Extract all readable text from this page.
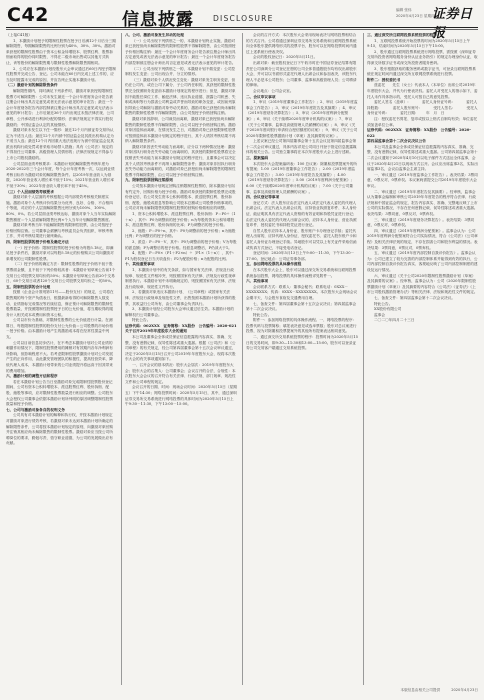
C42	信息披露	DISCLOSURE
编辑 张伟
2020年4月23日 星期四
证券日报

（上接C41版）

1、本激励计划授予的限制性股票在授予日后满12个月后分三期解除限售，每期解除限售的比例分别为40%、30%、30%。激励对象获授的限制性股票由于资本公积金转增股本、股票红利、股票拆细而取得的股份同时限售，不得在二级市场出售或以其他方式转让，该等股份的解除限售期与限制性股票解除限售期相同。

2、公司应在本激励计划经股东大会审议通过后60日内授予限制性股票并完成公告、登记。公司未能在60日内完成上述工作的，应当及时披露未完成的原因，并宣告终止实施本激励计划。

（二）激励计划的解除限售条件

解除限售期内，同时满足下列条件时，激励对象获授的限制性股票方可解除限售：公司未发生最近一个会计年度财务会计报告被注册会计师出具否定意见或者无法表示意见的审计报告；最近一个会计年度财务报告内部控制被注册会计师出具否定意见或无法表示意见的审计报告；上市后最近36个月内出现过未按法律法规、公司章程、公开承诺进行利润分配的情形；法律法规规定不得实行股权激励的；中国证监会认定的其他情形。

激励对象未发生以下任一情形：最近12个月内被证券交易所认定为不适当人选；最近12个月内被中国证监会及其派出机构认定为不适当人选；最近12个月内因重大违法违规行为被中国证监会及其派出机构行政处罚或者采取市场禁入措施；具有《公司法》规定的不得担任公司董事、高级管理人员情形的；法律法规规定不得参与上市公司股权激励的。

公司层面业绩考核要求：本激励计划的解除限售考核年度为2020-2022年三个会计年度，每个会计年度考核一次，以达到业绩考核目标作为激励对象的解除限售条件。以2019年营业收入为基数，2020年营业收入增长率不低于15%；2021年营业收入增长率不低于30%；2022年营业收入增长率不低于45%。

（三）个人层面绩效考核要求

激励对象个人层面的考核根据公司内部绩效考核相关制度实施。激励对象个人考核评价结果分为优秀、良好、合格、不合格四个等级，对应的个人层面解除限售比例分别为100%、100%、80%、0%。若公司层面业绩考核达标，激励对象个人当年实际解除限售额度＝个人层面解除限售比例×个人当年计划解除限售额度。

激励对象考核当年不能解除限售的限制性股票，由公司按授予价格回购注销。公司董事会薪酬与考核委员会负责组织、审核考核工作，并对考核结果进行最终确认。

四、限制性股票的授予价格及确定方法

（一）授予价格：限制性股票的授予价格为每股5.18元，即满足授予条件后，激励对象可以每股5.18元的价格购买公司向激励对象增发的公司限制性股票。

（二）授予价格的确定方法：限制性股票的授予价格不低于股票票面金额，且不低于下列价格较高者：本激励计划草案公告前1个交易日公司股票交易均价的50%；本激励计划草案公告前20个交易日、60个交易日或者120个交易日公司股票交易均价之一的50%。

五、限制性股票的会计处理

按照《企业会计准则第11号——股份支付》的规定，公司将在限售期的每个资产负债表日，根据最新取得的可解除限售人数变动、业绩指标完成情况等后续信息，修正预计可解除限售的限制性股票数量，并按照限制性股票授予日的公允价值，将当期取得的服务计入相关成本或费用和资本公积。

公司以市价为基础，对限制性股票的公允价值进行计量。在测算日，每股限制性股票的股份支付公允价值＝公司股票的市场价格－授予价格。由本激励计划产生的激励成本将在经常性损益中列支。

公司以目前信息初步估计，在不考虑本激励计划对公司业绩的刺激作用情况下，限制性股票费用的摊销对有效期内各年净利润有所影响，但影响程度不大。若考虑限制性股票激励计划对公司发展产生的正向作用，由此激发管理团队的积极性，提高经营效率，降低代理人成本，本激励计划带来的公司业绩提升将远高于因其带来的费用增加。

六、激励计划的调整方法和程序

若在本激励计划公告当日至激励对象完成限制性股票股份登记期间，公司有资本公积转增股本、派送股票红利、股份拆细、配股、缩股等事项，应对限制性股票数量进行相应的调整。公司股东大会授权公司董事会依据本激励计划所列明的原因调整限制性股票数量和授予价格。

七、公司与激励对象各自的权利义务

公司具有对本激励计划的解释和执行权，并按本激励计划规定对激励对象进行绩效考核，若激励对象未达到本激励计划所确定的解除限售条件，公司将按本激励计划规定的原则，向激励对象回购并注销其相应尚未解除限售的限制性股票。激励对象应当按公司所聘岗位的要求，勤勉尽责、恪守职业道德，为公司的发展做出应有贡献。

八、公司、激励对象发生异动的处理

（一）公司出现下列情形之一的，本激励计划终止实施，激励对象已获授但尚未解除限售的限制性股票不得解除限售，由公司按照授予价格回购注销：最近一个会计年度财务会计报告被注册会计师出具否定意见或者无法表示意见的审计报告；最近一个会计年度财务报告内部控制被注册会计师出具否定意见或者无法表示意见的审计报告。

（二）公司出现下列情形之一的，本激励计划不做变更：公司控制权发生变更；公司出现合并、分立的情形。

（三）激励对象个人情况发生变化：激励对象发生职务变更，但仍在公司内，或在公司下属分、子公司内任职的，其获授的限制性股票完全按照职务变更前本激励计划规定的程序进行；但是，激励对象因不能胜任岗位工作、触犯法律、违反执业道德、泄露公司机密、失职或渎职等行为损害公司利益或声誉而导致的职务变更，或因前列原因导致公司解除与激励对象劳动关系的，激励对象已获授但尚未解除限售的限制性股票不得解除限售，由公司按授予价格回购注销。

激励对象因辞职、公司裁员而离职，激励对象已获授但尚未解除限售的限制性股票不得解除限售，由公司以授予价格回购注销。激励对象因退休而离职，在情况发生之日，对激励对象已获授限制性股票可按照退休前本激励计划规定的程序进行，其个人绩效考核结果不再纳入解除限售条件。

激励对象因丧失劳动能力而离职，应分以下两种情况处理：激励对象因执行职务丧失劳动能力而离职的，其获授的限制性股票将完全按照丧失劳动能力前本激励计划规定的程序进行，且董事会可以决定其个人绩效考核条件不再纳入解除限售条件；激励对象非因执行职务丧失劳动能力而离职的，对激励对象已获授但尚未解除限售的限制性股票不得解除限售，由公司以授予价格回购注销。

九、限制性股票回购注销原则

公司按本激励计划规定回购注销限制性股票的，除本激励计划另有约定外，回购价格为授予价格。激励对象获授的限制性股票完成股份登记后，若公司发生资本公积转增股本、派送股票红利、股份拆细、配股、缩股或派息等影响公司股本总额或公司股票价格事项的，公司应对尚未解除限售的限制性股票的回购价格做相应的调整。

1、资本公积转增股本、派送股票红利、股份拆细：P＝P0÷（1＋n），其中：P0为调整前的授予价格；n为每股的资本公积转增股本、派送股票红利、股份拆细的比率；P为调整后的授予价格。

2、缩股：P＝P0÷n，其中：P0为调整前的授予价格；n为缩股比例；P为调整后的授予价格。

3、派息：P＝P0－V，其中：P0为调整前的授予价格；V为每股的派息额；P为调整后的授予价格。经派息调整后，P仍须大于1。

4、配股：P＝P0×（P1＋P2×n）÷［P1×（1＋n）］，其中：P1为股权登记日当天收盘价；P2为配股价格；n为配股的比例。

十、其他重要事项

1、本激励计划中的有关条款，如与国家有关法律、法规及行政规章、规范性文件相冲突，则按照国家有关法律、法规及行政性规章制度执行。本激励计划中未明确规定的，则按照国家有关法律、法规及行政规章、规范性文件执行。

2、若激励对象违反本激励计划、《公司章程》或国家有关法律、法规及行政规章及规范性文件，出售按照本激励计划所获得的股票，其收益归公司所有，由公司董事会负责执行。

3、本激励计划经公司股东大会审议通过后生效。本激励计划的解释权归公司董事会。

特此公告。

证券代码：002XXX　证券简称：XX股份　公告编号：2020-021

关于召开2019年年度股东大会的通知

本公司及董事会全体成员保证信息披露的内容真实、准确、完整，没有虚假记载、误导性陈述或重大遗漏。根据《公司法》和《公司章程》的有关规定，经公司第四届董事会第十五次会议审议通过，决定于2020年5月15日召开公司2019年年度股东大会，现将本次股东大会的有关事项通知如下。

一、召开会议的基本情况：股东大会届次：2019年年度股东大会；股东大会的召集人：公司董事会；会议召开的合法、合规性：本次股东大会会议的召开符合有关法律、行政法规、部门规章、规范性文件和公司章程的规定。

会议召开的日期、时间：现场会议时间：2020年5月15日（星期五）下午14:30；网络投票时间：2020年5月15日，其中，通过深圳证券交易所交易系统进行网络投票的具体时间为2020年5月15日上午9:30－11:30，下午13:00－15:00。

会议的召开方式：本次股东大会采用现场表决与网络投票相结合的方式召开。公司将通过深圳证券交易所交易系统和互联网投票系统向全体股东提供网络形式的投票平台，股东可以在网络投票时间内通过上述系统行使表决权。

会议的股权登记日：2020年5月11日。

出席对象：截至股权登记日下午收市时在中国证券登记结算有限责任公司深圳分公司登记在册的公司全体普通股股东均有权出席股东大会，并可以以书面形式委托代理人出席会议和参加表决，该股东代理人不必是本公司股东；公司董事、监事和高级管理人员；公司聘请的律师。

会议地点：公司会议室。

二、会议审议事项

1、审议《2019年度董事会工作报告》；2、审议《2019年度监事会工作报告》；3、审议《2019年年度报告及其摘要》；4、审议《2019年度财务决算报告》；5、审议《2019年度利润分配预案》；6、审议《关于续聘2020年度审计机构的议案》；7、审议《关于公司董事、监事及高级管理人员薪酬的议案》；8、审议《关于2020年度向银行申请综合授信额度的议案》；9、审议《关于公司2020年限制性股票激励计划（草案）及其摘要的议案》。

上述议案已经公司第四届董事会第十五次会议及第四届监事会第十二次会议审议通过，具体内容详见公司同日刊登于指定信息披露媒体的相关公告。公司独立董事将在本次年度股东大会上进行述职。

三、提案编码

本次股东大会提案编码表：100 总议案：除累积投票提案外的所有提案；1.00《2019年度董事会工作报告》；2.00《2019年度监事会工作报告》；3.00《2019年年度报告及其摘要》；4.00《2019年度财务决算报告》；5.00《2019年度利润分配预案》；6.00《关于续聘2020年度审计机构的议案》；7.00《关于公司董事、监事及高级管理人员薪酬的议案》。

四、会议登记等事项

登记方式：法人股东应由法定代表人或法定代表人委托的代理人出席会议。法定代表人出席会议的，应持营业执照复印件、本人身份证、能证明其具有法定代表人资格的有效证明和持股凭证进行登记；由法定代表人委托的代理人出席会议的，应持本人身份证、营业执照复印件、授权委托书和持股凭证进行登记。

自然人股东应持本人身份证、股东账户卡办理登记手续；委托代理人出席的，应持代理人身份证、授权委托书、委托人股东账户卡和委托人身份证办理登记手续。异地股东可以凭以上有关证件采取信函或传真方式登记，不接受电话登记。

登记时间：2020年5月13日上午9:00－11:30，下午13:30－17:00。登记地点：公司证券事务部。

五、参加网络投票的具体操作流程

在本次股东大会上，股东可以通过深交所交易系统和互联网投票系统参加投票，网络投票的具体操作流程详见附件一。

六、其他事项

会议联系方式：联系人：董事会秘书；联系电话：0XXX－XXXXXXXX；传真：0XXX－XXXXXXXX。本次股东大会现场会议会期半天，与会股东食宿及交通费用自理。

七、备查文件：第四届董事会第十五次会议决议；第四届监事会第十二次会议决议。

特此公告。

附件一：参加网络投票的具体操作流程。一、网络投票的程序：投票代码与投票简称；填报表决意见或选举票数；股东对总议案进行投票，视为对除累积投票提案外的其他所有提案表达相同意见。

二、通过深交所交易系统投票的程序：投票时间为2020年5月15日的交易时间，即9:30—11:30和13:00—15:00。股东可以登录证券公司交易客户端通过交易系统投票。

三、通过深交所互联网投票系统投票的程序

1、互联网投票系统开始投票的时间为2020年5月15日上午9:15，结束时间为2020年5月15日下午15:00。

2、股东通过互联网投票系统进行网络投票，需按照《深圳证券交易所投资者网络服务身份认证业务指引》的规定办理身份认证，取得深交所数字证书或深交所投资者服务密码。

3、股东根据获取的服务密码或数字证书，可登录互联网投票系统在规定时间内通过深交所互联网投票系统进行投票。

附件二：授权委托书

兹委托　　先生（女士）代表本人（本单位）出席公司2019年年度股东大会，并代为行使表决权。委托人对受托人的指示如下，委托人未作具体指示的，受托人可按自己的意见投票。

委托人签名（盖章）：　　　委托人身份证号码：　　　委托人持股数：　　　委托人股东账号：　　　受托人签名：　　　受托人身份证号码：　　　委托日期：　　年　月　日

注：授权委托书剪报、复印或按以上格式自制均有效；单位委托须加盖单位公章。

证券代码：002XXX　证券简称：XX股份　公告编号：2020-022

第四届监事会第十二次会议决议公告

本公司及监事会全体成员保证信息披露的内容真实、准确、完整，没有虚假记载、误导性陈述或重大遗漏。公司第四届监事会第十二次会议通知于2020年4月10日以电子邮件方式送达全体监事，会议于2020年4月21日以现场方式召开。会议应出席监事3名，实际出席监事3名，会议由监事会主席主持。

一、审议通过《2019年度监事会工作报告》。表决结果：3票同意，0票反对，0票弃权。本议案尚需提交公司2019年年度股东大会审议。

二、审议通过《2019年年度报告及其摘要》。经审核，监事会认为董事会编制和审核公司2019年年度报告的程序符合法律、行政法规和中国证监会的规定，报告内容真实、准确、完整地反映了上市公司的实际情况，不存在任何虚假记载、误导性陈述或者重大遗漏。表决结果：3票同意，0票反对，0票弃权。

三、审议通过《2019年度财务决算报告》。表决结果：3票同意，0票反对，0票弃权。

四、审议通过《2019年度利润分配预案》。监事会认为：公司2019年度利润分配预案符合公司实际情况，符合《公司法》《公司章程》及相关法律法规的规定，不存在损害公司和股东利益的情况。表决结果：3票同意，0票反对，0票弃权。

五、审议通过《2019年度内部控制自我评价报告》。监事会认为：公司已建立了较为完善的内部控制体系并能得到有效的执行，公司内部控制自我评价报告真实、客观地反映了公司内部控制制度的建设及运行情况。

六、审议通过《关于公司2020年限制性股票激励计划（草案）及其摘要的议案》。经审核，监事会认为：公司《2020年限制性股票激励计划（草案）》及其摘要的内容符合《公司法》《证券法》《上市公司股权激励管理办法》等相关法律、法规和规范性文件的规定。

七、备查文件：第四届监事会第十二次会议决议。

特此公告。

XX股份有限公司

监事会

二〇二〇年四月二十三日

本版信息由相关公司提供	2020年4月23日
